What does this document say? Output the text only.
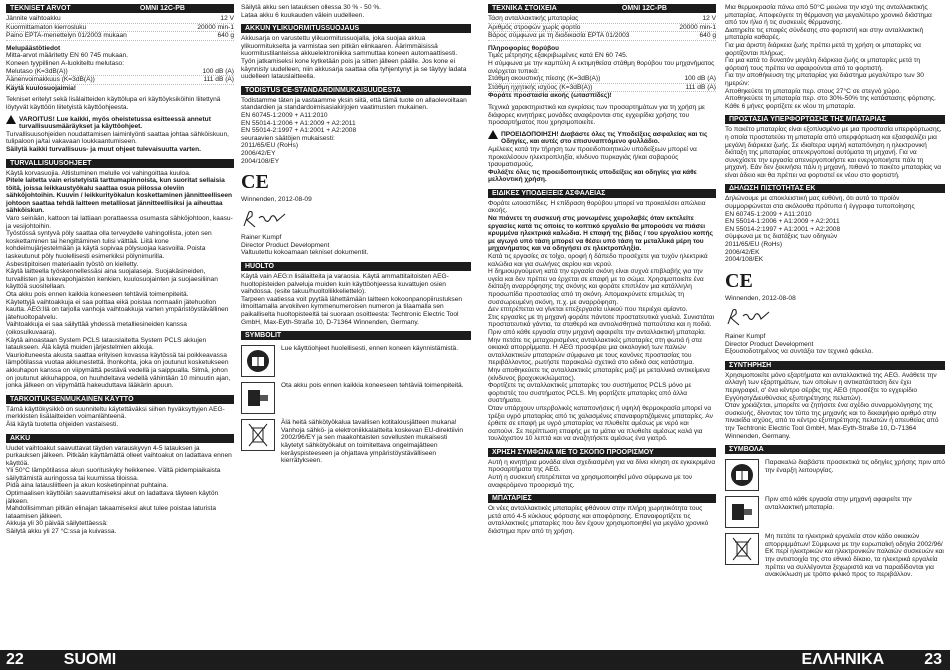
TEKNISET ARVOT	OMNI 12C-PB
Jännite vaihtoakku	12 V
Kuormittamaton kierrosluku	20000 min-1
Paino EPTA-menettelyn 01/2003 mukaan	640 g
Melupäästötiedot
Mitta-arvot määritetty EN 60 745 mukaan.
Koneen tyypillinen A-luokiteltu melutaso:
Melutaso (K=3dB(A))	100 dB (A)
Äänenvoimakkuus (K=3dB(A))	111 dB (A)
Käytä kuulosuojaimia!

Tekniset eritelyt sekä lisälaitteiden käyttölupa eri käyttöyksiköihin liitettynä löytyvät käyttöön liitetyistä käyttöohjeesta.

VAROITUS! Lue kaikki, myös oheistetussa esitteessä annetut turvallisuusmääräykset ja käyttöohjeet.
Turvallisuusohjeiden noudattamisen laiminlyönti saattaa johtaa sähköiskuun, tulipaloon ja/tai vakavaan loukkaantumiseen.

Säilytä kaikki turvallisuus- ja muut ohjeet tulevaisuutta varten.

TURVALLISUUSOHJEET
Käytä korvasuojia. Altistuminen melulle voi vahingoittaa kuuloa.
Pitele laitetta vain eristetyistä tarttumapinnoista, kun suoritat sellaisia töitä, joissa leikkaustyökalu saattaa osua piilossa oleviin sähköjohtoihin. Kuuvin / leikkurityökalun koskettaminen jännitteelliseen johtoon saattaa tehdä laitteen metalliosat jännitteellisiksi ja aiheuttaa sähköiskun.
Varo seinään, kattoon tai lattiaan porattaessa osumasta sähköjohtoon, kaasu- ja vesijohtoihin.
Työstössä syntyvä pöly saattaa olla terveydelle vahingollista, joten sen koskettaminen tai hengittäminen tulisi välttää. Liitä kone kohdeimujärjestelmään ja käytä sopivaa pölysuojaa kasvoilla. Poista laskeutunut pöly huolellisesti esimerkiksi pölynimurilla.
Asbestipitoisen materiaalin työstö on kielletty.
Käytä laitteella työskennellessäsi aina suojalaseja. Suojakäsineiden, turvallisten ja lukevapohjaisten kenkien, kuulosuojainten ja suojaesiliinan käyttöä suositellaan.
Ota akku pois ennen kaikkia koneeseen tehtäviä toimenpiteitä.
Käytettyjä vaihtoakkuja ei saa polttaa eikä poistaa normaalin jätehuollon kautta. AEG:llä on tarjolla vanhoja vaihtoakkuja varten ympäristöystävällinen jätehuoltopalvelu.
Vaihtoakkuja ei saa säilyttää yhdessä metalliesineiden kanssa (oikosulkuvaara).
Käytä ainoastaan System PCLS latauslaitetta System PCLS akkujen lataukseen. Älä käytä muiden järjestelmien akkuja.
Vaurioituneesta akusta saattaa erityisen kovassa käytössä tai poikkeavassa lämpötilassa vuotaa akkunestettä. Ihonkohta, joka on joutunut kosketukseen akkuhapon kanssa on viipymättä pestävä vedellä ja saippualla. Silmä, johon on joutunut akkuhappoa, on huuhdeltava vedellä vähintään 10 minuutin ajan, jonka jälkeen on viipymättä hakeuduttava lääkärin apuun.
TARKOITUKSENMUKAINEN KÄYTTÖ
Tämä käyttökysikkö on suunniteltu käytettäväksi siihen hyväksyttyjen AEG-merkkisten lisälaitteiden voimanlähteenä.
Älä käytä tuotetta ohjeiden vastaisesti.
AKKU
Uudet vaihtoakut saavuttavat täyden varauskyvyn 4-5 latauksen ja purkauksen jälkeen. Pitkään käyttämättä olleet vaihtoakut on ladattava ennen käyttöä.
Yli 50°C lämpötilassa akun suorituskyky heikkenee. Vältä pidempiaikaista säilyttämistä auringossa tai kuumissa tiloissa.
Pidä aina latausliitteen ja akun kosketinpinnat puhtaina.
Optimaalisen käyttöiän saavuttamiseksi akut on ladattava täyteen käytön jälkeen.
Mahdollisimman pitkän elinajan takaamiseksi akut tulee poistaa laturista lataamisen jälkeen.
Akkuja yli 30 päivää säilytettäessä:
Säilytä akku yli 27 °C:ssa ja kuivassa.
Säilytä akku sen latauksen ollessa 30 % - 50 %.
Lataa akku 6 kuukauden välein uudelleen.
AKKUN YLIKUORMITUSSUOJAUS
Akkusarja on varustettu ylikuormitussuojalla, joka suojaa akkua ylikuormitukselta ja varmistaa sen pitkän elinkaaren. Äärimmäisissä kuormitustilanteissa akkuelektroniikka sammuttaa koneen automaattisesti. Työn jatkamiseksi kone kytketään pois ja sitten jälleen päälle. Jos kone ei käynnisty uudelleen, niin akkusarja saattaa olla tyhjentynyt ja se täytyy ladata uudelleen latauslaitteella.
TODISTUS CE-STANDARDINMUKAISUUDESTA
Todistamme täten ja vastaamme yksin siitä, että tämä tuote on allaolevoiltaan standardien ja standardoimisasiakirjojen vaatimusten mukainen.
EN 60745-1:2009 + A11:2010
EN 55014-1:2006 + A1:2009 + A2:2011
EN 55014-2:1997 + A1:2001 + A2:2008
seuraavien säätöjen mukaisesti:
2011/65/EU (RoHs)
2006/42/EY
2004/108/EY
CE
Winnenden, 2012-08-09
Rainer Kumpf
Director Product Development
Valtuutettu kokoamaan tekniset dokumentit.
HUOLTO
Käytä vain AEG:n lisälaitteita ja varaosia. Käytä ammattitaitoisten AEG-huoltopisteiden palveluja muiden kuin käyttöohjeessa kuvattujen osien vaihdossa. (esite takuu/huoltoliikkeliettelo).
Tarpeen vaatiessa voit pyytää lähettämään laitteen kokoonpanopiirustuksen ilmoittamalla arvokilven kymmenumeroisen numeron ja tilaamalla sen paikalliselta huoltopisteeltä tai suoraan osoitteesta: Techtronic Electric Tool GmbH, Max-Eyth-Straße 10, D-71364 Winnenden, Germany.
SYMBOLIT
Lue käyttöohjeet huolellisesti, ennen koneen käynnistämistä.
Ota akku pois ennen kaikkia koneeseen tehtäviä toimenpiteitä.
Älä heitä sähkötyökalua tavallisen kotitalousjätteen mukana! Vanhoja sähkö- ja elektroniikkalaitteita koskevan EU-direktiivin 2002/96/EY ja sen maakohtaisten sovellusten mukaisesti käytetyt sähkötyökalut on toimitettava ongelmajätteen keräyspisteeseen ja ohjattava ympäristöystävälliseen kierrätykseen.
ΤΕΧΝΙΚΑ ΣΤΟΙΧΕΙΑ	OMNI 12C-PB
Τάση ανταλλακτικής μπαταρίας	12 V
Αριθμός στροφών χωρίς φορτίο	20000 min-1
Βάρος σύμφωνα με τη διαδικασία EPTA 01/2003	640 g
Πληροφορίες θορύβου
Τιμές μέτρησης εξακριβωμένες κατά EN 60 745.
Η σύμφωνα με την καμπύλη Α εκτιμηθείσα στάθμη θορύβου του μηχανήματος ανέρχεται τυπικά:
Στάθμη ακουστικής πίεσης (K=3dB(A))	100 dB (A)
Στάθμη ηχητικής ισχύος (K=3dB(A))	111 dB (A)
Φοράτε προστασία ακοής (ωτασπίδες)!

Τεχνικά χαρακτηριστικά και εγκρίσεις των προσαρτημάτων για τη χρήση με διάφορες κινητήριες μονάδες αναφέρονται στις εγχειρίδια χρήσης του προσαρτήματος που χρησιμοποιείτε.

ΠΡΟΕΙΔΟΠΟΙΗΣΗ! Διαβάστε όλες τις Υποδείξεις ασφαλείας και τις Οδηγίες, και αυτές στο επισυναπτόμενο φυλλάδιο.
Αμέλειες κατά την τήρηση των προειδοποιητικών υποδείξεων μπορεί να προκαλέσουν ηλεκτροπληξία, κίνδυνο πυρκαγιάς ή/και σοβαρούς τραυματισμούς.

Φυλάξτε όλες τις προειδοποιητικές υποδείξεις και οδηγίες για κάθε μελλοντική χρήση.

ΕΙΔΙΚΕΣ ΥΠΟΔΕΙΞΕΙΣ ΑΣΦΑΛΕΙΑΣ
Φοράτε ωτοασπίδες. Η επίδραση θορύβου μπορεί να προκαλέσει απώλεια ακοής.
Να πιάνετε τη συσκευή στις μονωμένες χειρολαβές όταν εκτελείτε εργασίες κατά τις οποίες το κοπτικό εργαλείο θα μπορούσε να πιάσει κρυμμένα ηλεκτρικά καλώδια. Η επαφή της βίδας / του εργαλείου κοπής με αγωγό υπό τάση μπορεί να θέσει υπό τάση τα μεταλλικά μέρη του μηχανήματος και να οδηγήσει σε ηλεκτροπληξία.
Κατά τις εργασίες σε τοίχο, οροφή ή δάπεδο προσέχετε για τυχόν ηλεκτρικά καλώδια και για σωλήνες αερίου και νερού.
Η δημιουργούμενη κατά την εργασία σκόνη είναι συχνά επιβλαβής για την υγεία και δεν πρέπει να έρχεται σε επαφή με το σώμα. Χρησιμοποιείτε ένα διάταξη αναρρόφησης της σκόνης και φοράτε επιπλέον μια κατάλληλη προσωπίδα προστασίας από τη σκόνη. Απομακρύνετε επιμελώς τη συσσωρευμένη σκόνη, π.χ. με αναρρόφηση.
Δεν επιτρέπεται να γίνεται επεξεργασία υλικού που περιέχει αμίαντο.
Στις εργασίες με τη μηχανή φοράτε πάντοτε προστατευτικά γυαλιά. Συνιστάται προστατευτικά γάντια, τα σταθερά και αντιολισθητικά παπούτσια και η ποδιά.
Πριν από κάθε εργασία στην μηχανή αφαιρείτε την ανταλλακτική μπαταρία.
Μην πετάτε τις μεταχειρισμένες ανταλλακτικές μπαταρίες στη φωτιά ή στα οικιακά απορρίμματα. Η AEG προσφέρει μια οικολογική των παλιών ανταλλακτικών μπαταριών σύμφωνα με τους κανόνες προστασίας του περιβάλλοντος, ρωτήστε παρακαλώ σχετικά στο ειδικό σας κατάστημα.
Μην αποθηκεύετε τις ανταλλακτικές μπαταρίες μαζί με μεταλλικά αντικείμενα (κίνδυνος βραχυκυκλώματος).
Φορτίζετε τις ανταλλακτικές μπαταρίες του συστήματος PCLS μόνο με φορτιστές του συστήματος PCLS. Μη φορτίζετε μπαταρίες από άλλα συστήματα.
Όταν υπάρχουν υπερβολικές καταπονήσεις ή υψηλή θερμοκρασία μπορεί να τρέξει υγρό μπαταρίας από τις χαλασμένες επαναφορτιζόμενες μπαταρίες. Αν έρθετε σε επαφή με υγρό μπαταρίας να πλυθείτε αμέσως με νερό και σαπούνι. Σε περίπτωση επαφής με τα μάτια να πλυθείτε αμέσως καλά για τουλάχιστον 10 λεπτά και να αναζητήσετε αμέσως ένα γιατρό.
ΧΡΗΣΗ ΣΥΜΦΩΝΑ ΜΕ ΤΟ ΣΚΟΠΟ ΠΡΟΟΡΙΣΜΟΥ
Αυτή η κινητήρια μονάδα είναι σχεδιασμένη για να δίνει κίνηση σε εγκεκριμένα προσαρτήματα της AEG.
Αυτή η συσκευή επιτρέπεται να χρησιμοποιηθεί μόνο σύμφωνα με τον αναφερόμενο προορισμό της.
ΜΠΑΤΑΡΙΕΣ
Οι νέες ανταλλακτικές μπαταρίες φθάνουν στην πλήρη χωρητικότητα τους μετά από 4-5 κύκλους φόρτισης και αποφόρτισης. Επαναφορτίζετε τις ανταλλακτικές μπαταρίες που δεν έχουν χρησιμοποιηθεί για μεγάλο χρονικό διάστημα πριν από τη χρήση.
Μια θερμοκρασία πάνω από 50°C μειώνει την ισχύ της ανταλλακτικής μπαταρίας. Αποφεύγετε τη θέρμανση για μεγαλύτερο χρονικό διάστημα από τον ήλιο ή τις συσκευές θέρμανσης.
Διατηρείτε τις επαφές σύνδεσης στο φορτιστή και στην ανταλλακτική μπαταρία καθαρές.
Για μια άριστη διάρκεια ζωής πρέπει μετά τη χρήση οι μπαταρίες να φορτίζονται πλήρως.
Για μια κατά το δυνατόν μεγάλη διάρκεια ζωής οι μπαταρίες μετά τη φόρτισή τους πρέπει να αφαιρούνται από το φορτιστή.
Για την αποθήκευση της μπαταρίας για διάστημα μεγαλύτερο των 30 ημερών:
Αποθηκεύετε τη μπαταρία περ. στους 27°C σε στεγνό χώρο.
Αποθηκεύετε τη μπαταρία περ. στο 30%-50% της κατάστασης φόρτισης.
Κάθε 6 μήνες φορτίζετε εκ νέου τη μπαταρία.
ΠΡΟΣΤΑΣΙΑ ΥΠΕΡΦΟΡΤΩΣΗΣ ΤΗΣ ΜΠΑΤΑΡΙΑΣ
Το πακέτο μπαταρίας είναι εξοπλισμένο με μια προστασία υπερφόρτωσης, η οποία προστατεύει τη μπαταρία από υπερφόρτωση και εξασφαλίζει μια μεγάλη διάρκεια ζωής. Σε ιδιαίτερα υψηλή καταπόνηση η ηλεκτρονική διάταξη της μπαταρίας απενεργοποιεί αυτόματα τη μηχανή. Για να συνεχίσετε την εργασία απενεργοποιήστε και ενεργοποιήστε πάλι τη μηχανή. Εάν δεν ξεκινήσει πάλι η μηχανή, πιθανό το πακέτο μπαταρίας να είναι άδειο και θα πρέπει να φορτιστεί εκ νέου στο φορτιστή.
ΔΗΛΩΣΗ ΠΙΣΤΟΤΗΤΑΣ ΕΚ
Δηλώνουμε με αποκλειστική μας ευθύνη, ότι αυτό το προϊόν συμμορφώνεται στα ακόλουθα πρότυπα ή έγγραφα τυποποίησης
EN 60745-1:2009 + A11:2010
EN 55014-1:2006 + A1:2009 + A2:2011
EN 55014-2:1997 + A1:2001 + A2:2008
σύμφωνα με τις διατάξεις των οδηγιών
2011/65/EU (RoHs)
2006/42/EK
2004/108/EK
CE
Winnenden, 2012-08-08
Rainer Kumpf
Director Product Development
Εξουσιοδοτημένος να συντάξει τον τεχνικό φάκελο.
ΣΥΝΤΗΡΗΣΗ
Χρησιμοποιείτε μόνο εξαρτήματα και ανταλλακτικά της AEG. Ανάθετε την αλλαγή των εξαρτημάτων, των οποίων η αντικατάσταση δεν έχει περιγραφεί, σ' ένα κέντρο σέρβις της AEG (προσέξτε το εγχειρίδιο Εγγύηση/Διευθύνσεις εξυπηρέτησης πελατών).
Όταν χρειάζεται, μπορείτε να ζητήσετε ένα σχέδιο συναρμολόγησης της συσκευής, δίνοντας τον τύπο της μηχανής και το δεκαψήφιο αριθμό στην πινακίδα ισχύος, από το κέντρο εξυπηρέτησης πελατών ή απευθείας από την Techtronic Electric Tool GmbH, Max-Eyth-Straße 10, D-71364 Winnenden, Germany.
ΣΥΜΒΟΛΑ
Παρακαλώ διαβάστε προσεκτικά τις οδηγίες χρήσης πριν από την έναρξη λειτουργίας.
Πριν από κάθε εργασία στην μηχανή αφαιρείτε την ανταλλακτική μπαταρία.
Μη πετάτε τα ηλεκτρικά εργαλεία στον κάδο οικιακών απορριμμάτων! Σύμφωνα με την ευρωπαϊκή οδηγία 2002/96/ΕΚ περί ηλεκτρικών και ηλεκτρονικών παλαιών συσκευών και την αντιστοιχία της στο εθνικό δίκαιο, τα ηλεκτρικά εργαλεία πρέπει να συλλέγονται ξεχωριστά και να παραδίδονται για ανακύκλωση με τρόπο φιλικό προς το περιβάλλον.
22	SUOMI	ΕΛΛΗΝΙΚΑ	23
